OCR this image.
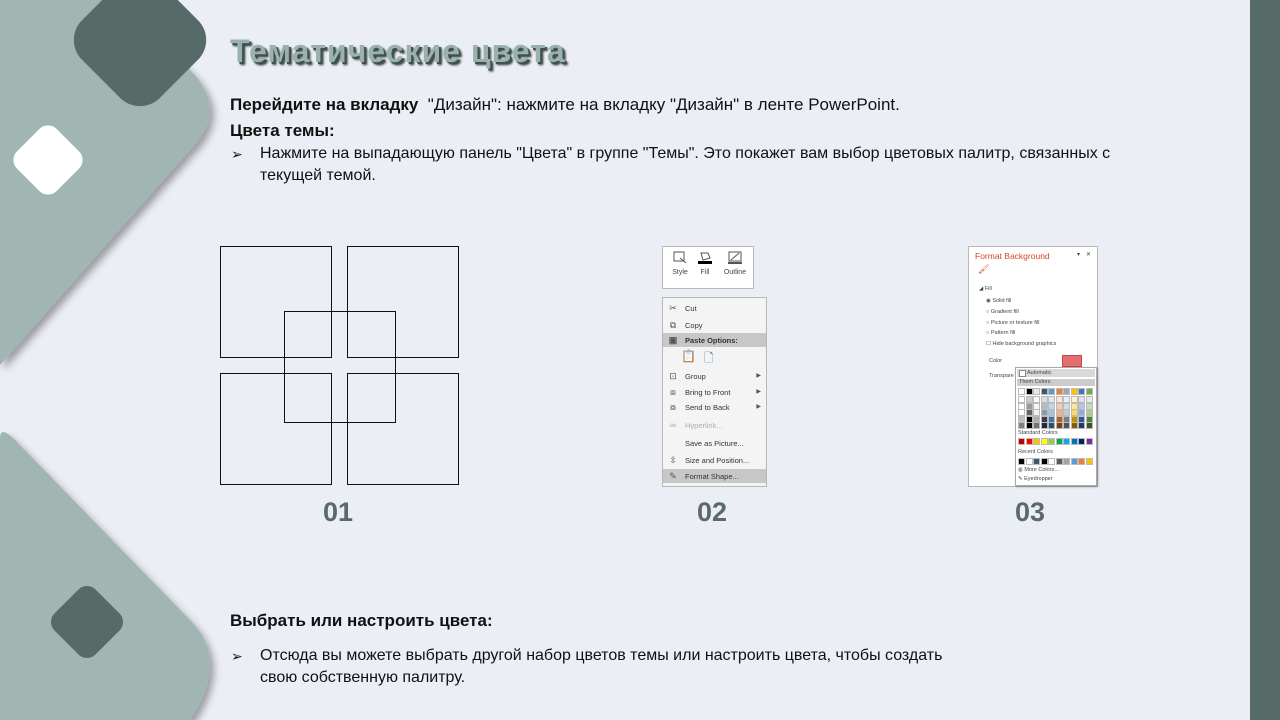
Тематические цвета
Перейдите на вкладку "Дизайн": нажмите на вкладку "Дизайн" в ленте PowerPoint.
Цвета темы:
➢ Нажмите на выпадающую панель "Цвета" в группе "Темы". Это покажет вам выбор цветовых палитр, связанных с
текущей темой.
01
Style	Fill	Outline
✂ Cut
⧉ Copy
▣ Paste Options:
📋 🗋
⊡ Group	▶
⧈ Bring to Front	▶
⧇ Send to Back	▶
∞ Hyperlink...
Save as Picture...
⇳ Size and Position...
✎ Format Shape...
02
Format Background	▾ ✕
🖌
◢ Fill
◉ Solid fill
○ Gradient fill
○ Picture or texture fill
○ Pattern fill
☐ Hide background graphics
Color
Transpare Automatic
Them Colors
Standard Colors
Recent Colors
◍ More Colors...
✎ Eyedropper
03
Выбрать или настроить цвета:
➢ Отсюда вы можете выбрать другой набор цветов темы или настроить цвета, чтобы создать
свою собственную палитру.
